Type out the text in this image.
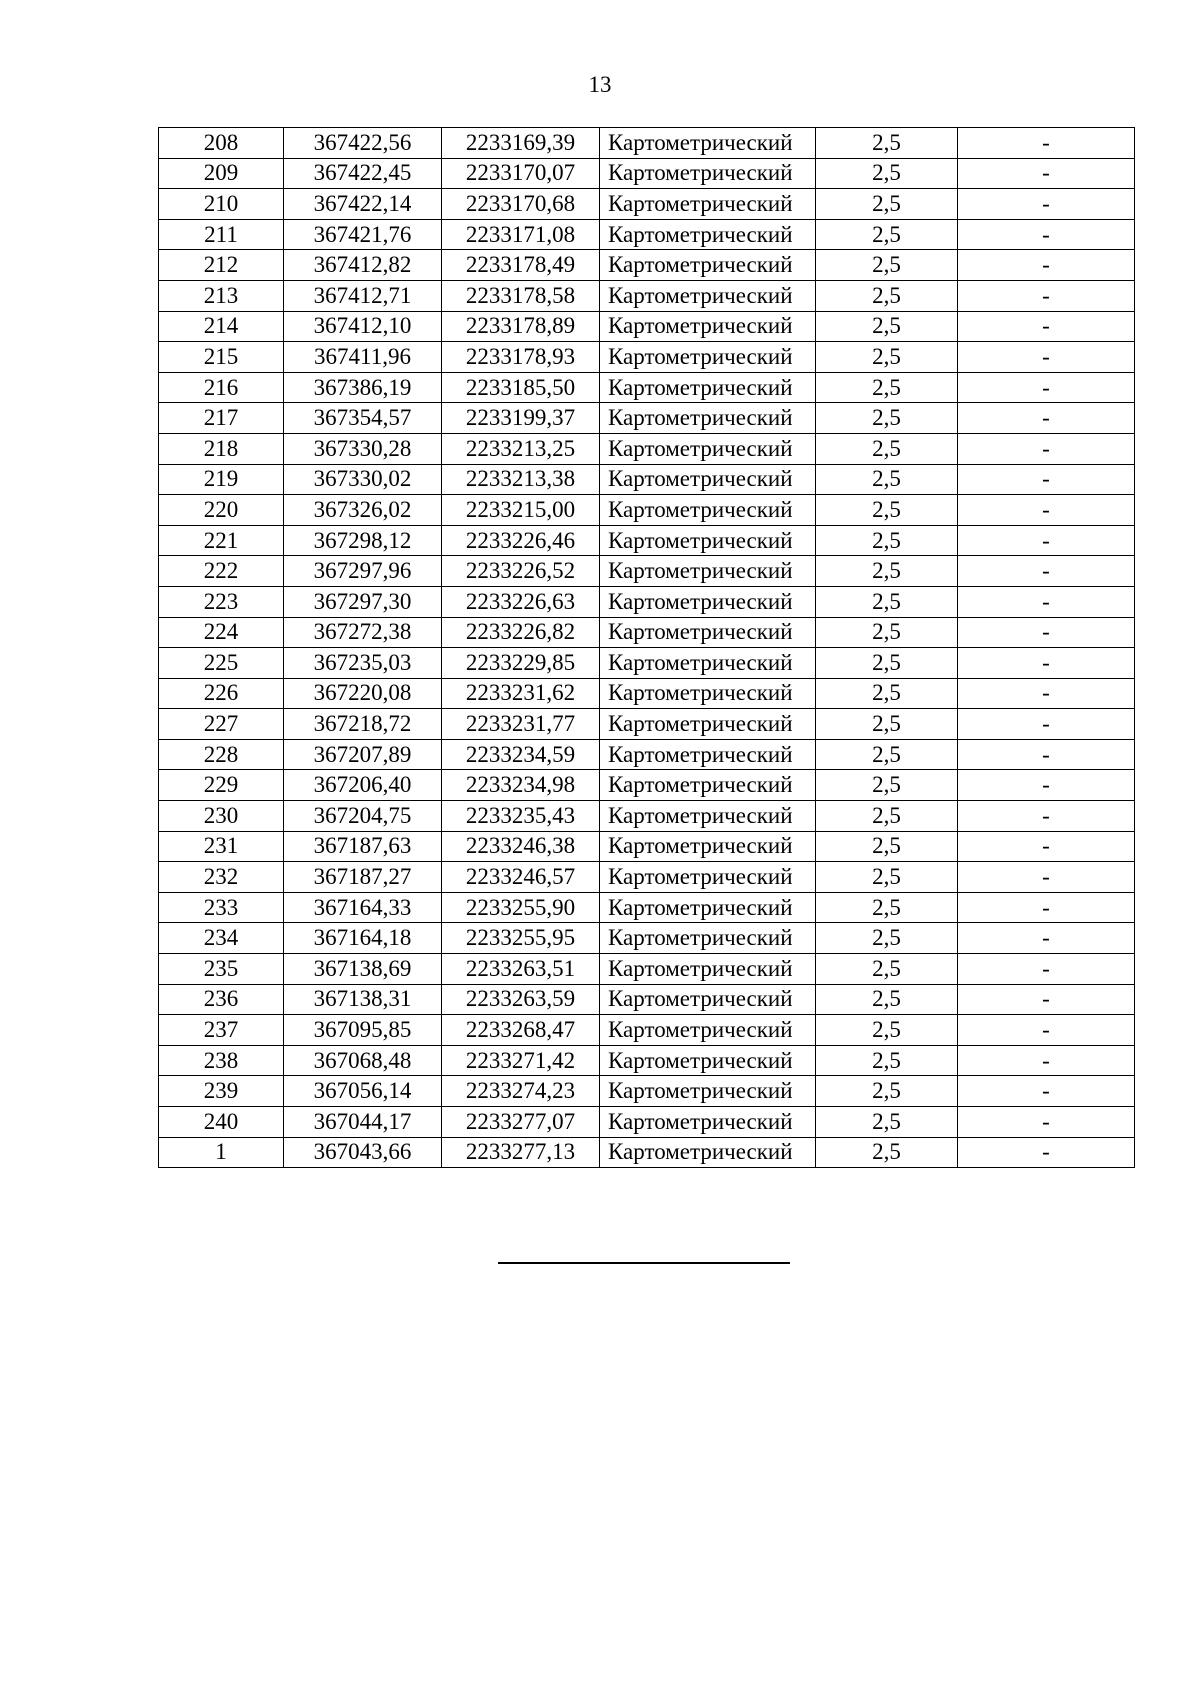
13
208	367422,56	2233169,39	Картометрический	2,5	-
209	367422,45	2233170,07	Картометрический	2,5	-
210	367422,14	2233170,68	Картометрический	2,5	-
211	367421,76	2233171,08	Картометрический	2,5	-
212	367412,82	2233178,49	Картометрический	2,5	-
213	367412,71	2233178,58	Картометрический	2,5	-
214	367412,10	2233178,89	Картометрический	2,5	-
215	367411,96	2233178,93	Картометрический	2,5	-
216	367386,19	2233185,50	Картометрический	2,5	-
217	367354,57	2233199,37	Картометрический	2,5	-
218	367330,28	2233213,25	Картометрический	2,5	-
219	367330,02	2233213,38	Картометрический	2,5	-
220	367326,02	2233215,00	Картометрический	2,5	-
221	367298,12	2233226,46	Картометрический	2,5	-
222	367297,96	2233226,52	Картометрический	2,5	-
223	367297,30	2233226,63	Картометрический	2,5	-
224	367272,38	2233226,82	Картометрический	2,5	-
225	367235,03	2233229,85	Картометрический	2,5	-
226	367220,08	2233231,62	Картометрический	2,5	-
227	367218,72	2233231,77	Картометрический	2,5	-
228	367207,89	2233234,59	Картометрический	2,5	-
229	367206,40	2233234,98	Картометрический	2,5	-
230	367204,75	2233235,43	Картометрический	2,5	-
231	367187,63	2233246,38	Картометрический	2,5	-
232	367187,27	2233246,57	Картометрический	2,5	-
233	367164,33	2233255,90	Картометрический	2,5	-
234	367164,18	2233255,95	Картометрический	2,5	-
235	367138,69	2233263,51	Картометрический	2,5	-
236	367138,31	2233263,59	Картометрический	2,5	-
237	367095,85	2233268,47	Картометрический	2,5	-
238	367068,48	2233271,42	Картометрический	2,5	-
239	367056,14	2233274,23	Картометрический	2,5	-
240	367044,17	2233277,07	Картометрический	2,5	-
1	367043,66	2233277,13	Картометрический	2,5	-
